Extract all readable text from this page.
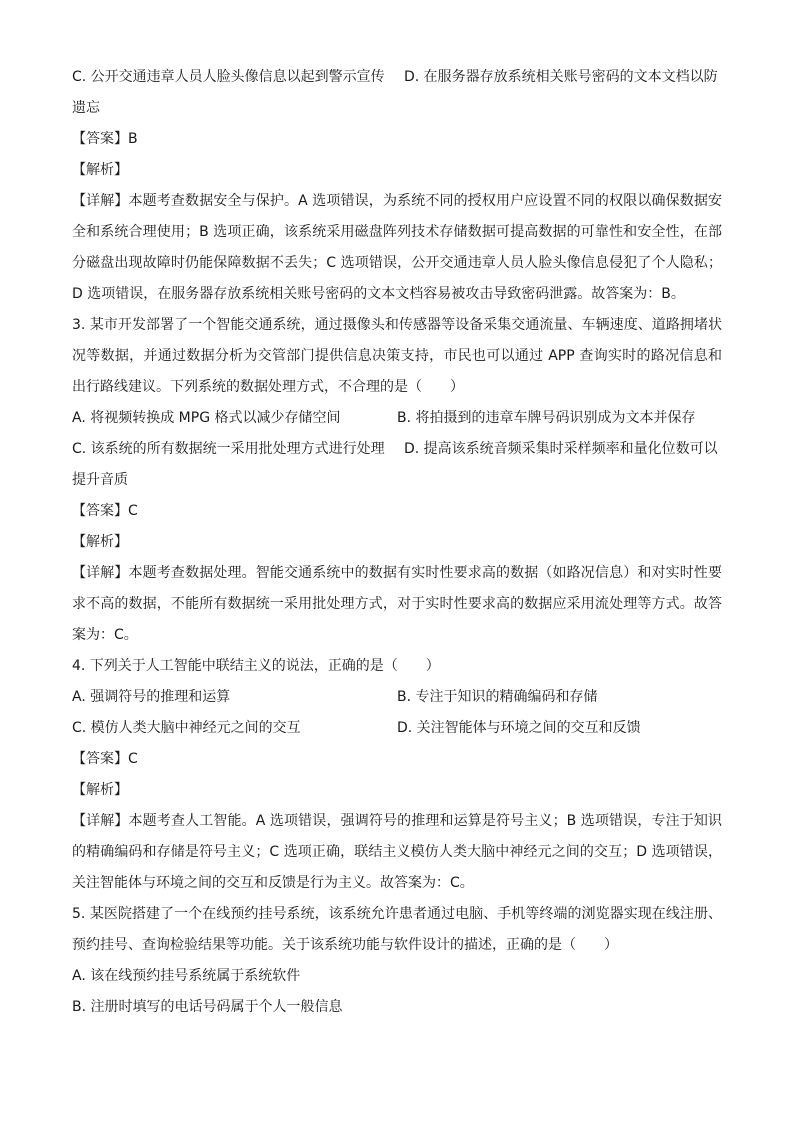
C. 公开交通违章人员人脸头像信息以起到警示宣传	D. 在服务器存放系统相关账号密码的文本文档以防
遗忘
【答案】B
【解析】
【详解】本题考查数据安全与保护。A 选项错误，为系统不同的授权用户应设置不同的权限以确保数据安全和系统合理使用；B 选项正确，该系统采用磁盘阵列技术存储数据可提高数据的可靠性和安全性，在部分磁盘出现故障时仍能保障数据不丢失；C 选项错误，公开交通违章人员人脸头像信息侵犯了个人隐私；D 选项错误，在服务器存放系统相关账号密码的文本文档容易被攻击导致密码泄露。故答案为：B。
3. 某市开发部署了一个智能交通系统，通过摄像头和传感器等设备采集交通流量、车辆速度、道路拥堵状况等数据，并通过数据分析为交管部门提供信息决策支持，市民也可以通过 APP 查询实时的路况信息和出行路线建议。下列系统的数据处理方式，不合理的是（　　）
A. 将视频转换成 MPG 格式以减少存储空间	B. 将拍摄到的违章车牌号码识别成为文本并保存
C. 该系统的所有数据统一采用批处理方式进行处理	D. 提高该系统音频采集时采样频率和量化位数可以
提升音质
【答案】C
【解析】
【详解】本题考查数据处理。智能交通系统中的数据有实时性要求高的数据（如路况信息）和对实时性要求不高的数据，不能所有数据统一采用批处理方式，对于实时性要求高的数据应采用流处理等方式。故答案为：C。
4. 下列关于人工智能中联结主义的说法，正确的是（　　）
A. 强调符号的推理和运算	B. 专注于知识的精确编码和存储
C. 模仿人类大脑中神经元之间的交互	D. 关注智能体与环境之间的交互和反馈
【答案】C
【解析】
【详解】本题考查人工智能。A 选项错误，强调符号的推理和运算是符号主义；B 选项错误，专注于知识的精确编码和存储是符号主义；C 选项正确，联结主义模仿人类大脑中神经元之间的交互；D 选项错误，关注智能体与环境之间的交互和反馈是行为主义。故答案为：C。
5. 某医院搭建了一个在线预约挂号系统，该系统允许患者通过电脑、手机等终端的浏览器实现在线注册、预约挂号、查询检验结果等功能。关于该系统功能与软件设计的描述，正确的是（　　）
A. 该在线预约挂号系统属于系统软件
B. 注册时填写的电话号码属于个人一般信息
